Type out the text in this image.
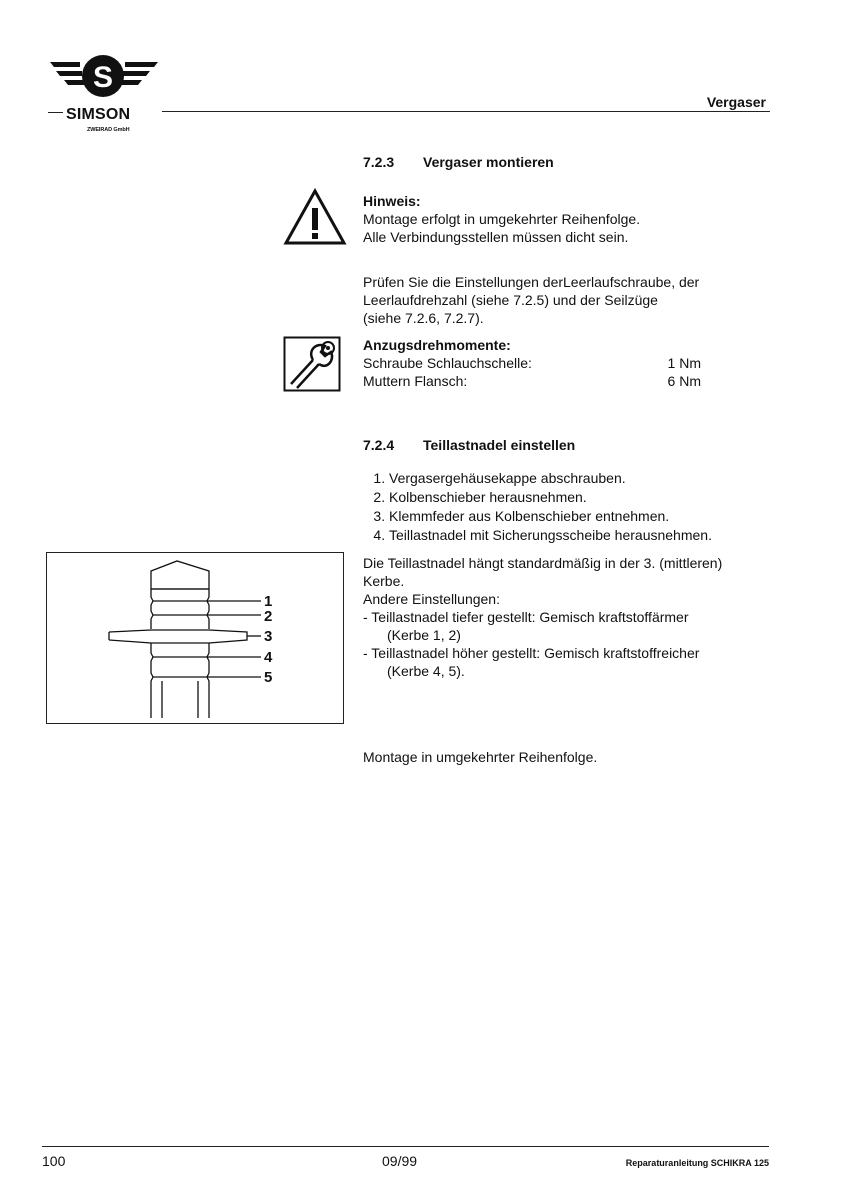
S
SIMSON
ZWEIRAD GmbH
Vergaser
7.2.3 Vergaser montieren
Hinweis:
Montage erfolgt in umgekehrter Reihenfolge.
Alle Verbindungsstellen müssen dicht sein.
Prüfen Sie die Einstellungen derLeerlaufschraube, der
Leerlaufdrehzahl (siehe 7.2.5) und der Seilzüge
(siehe 7.2.6, 7.2.7).
Anzugsdrehmomente:
Schraube Schlauchschelle:	1 Nm
Muttern Flansch:	6 Nm
7.2.4 Teillastnadel einstellen
1. Vergasergehäusekappe abschrauben.
2. Kolbenschieber herausnehmen.
3. Klemmfeder aus Kolbenschieber entnehmen.
4. Teillastnadel mit Sicherungsscheibe herausnehmen.
1
2
3
4
5
Die Teillastnadel hängt standardmäßig in der 3. (mittleren)
Kerbe.
Andere Einstellungen:
- Teillastnadel tiefer gestellt: Gemisch kraftstoffärmer
(Kerbe 1, 2)
- Teillastnadel höher gestellt: Gemisch kraftstoffreicher
(Kerbe 4, 5).
Montage in umgekehrter Reihenfolge.
100	09/99	Reparaturanleitung SCHIKRA 125
